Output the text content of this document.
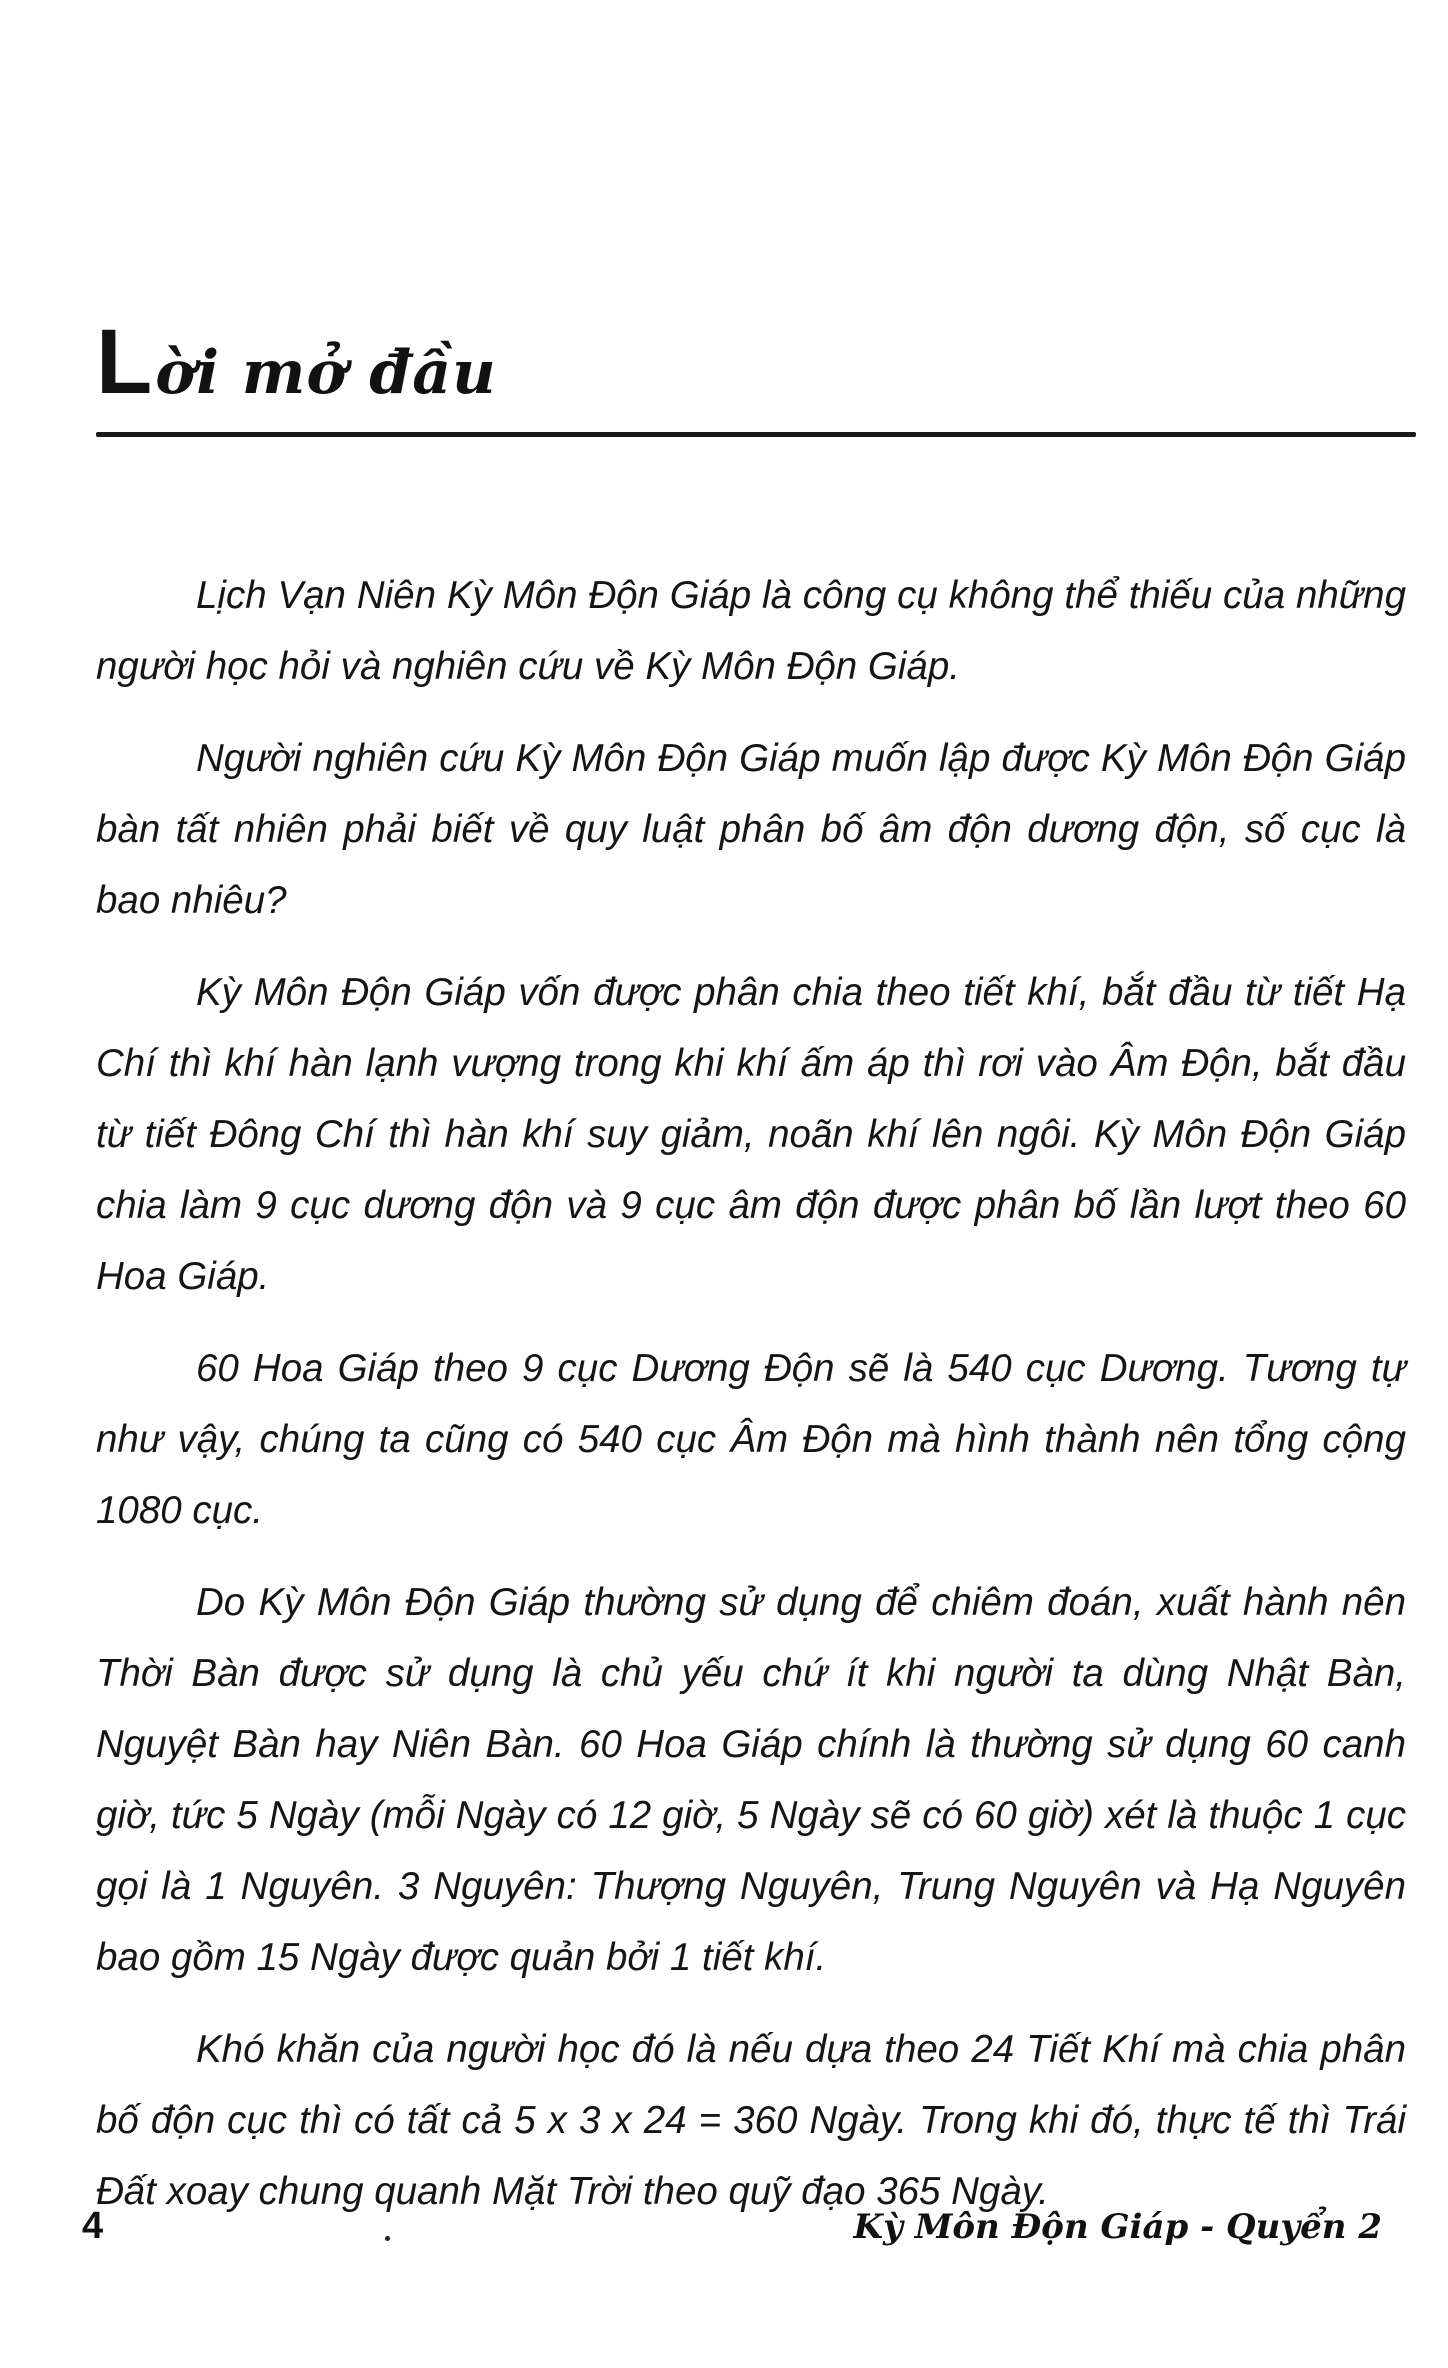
Lời mở đầu

Lịch Vạn Niên Kỳ Môn Độn Giáp là công cụ không thể thiếu của những người học hỏi và nghiên cứu về Kỳ Môn Độn Giáp.

Người nghiên cứu Kỳ Môn Độn Giáp muốn lập được Kỳ Môn Độn Giáp bàn tất nhiên phải biết về quy luật phân bố âm độn dương độn, số cục là bao nhiêu?

Kỳ Môn Độn Giáp vốn được phân chia theo tiết khí, bắt đầu từ tiết Hạ Chí thì khí hàn lạnh vượng trong khi khí ấm áp thì rơi vào Âm Độn, bắt đầu từ tiết Đông Chí thì hàn khí suy giảm, noãn khí lên ngôi. Kỳ Môn Độn Giáp chia làm 9 cục dương độn và 9 cục âm độn được phân bố lần lượt theo 60 Hoa Giáp.

60 Hoa Giáp theo 9 cục Dương Độn sẽ là 540 cục Dương. Tương tự như vậy, chúng ta cũng có 540 cục Âm Độn mà hình thành nên tổng cộng 1080 cục.

Do Kỳ Môn Độn Giáp thường sử dụng để chiêm đoán, xuất hành nên Thời Bàn được sử dụng là chủ yếu chứ ít khi người ta dùng Nhật Bàn, Nguyệt Bàn hay Niên Bàn. 60 Hoa Giáp chính là thường sử dụng 60 canh giờ, tức 5 Ngày (mỗi Ngày có 12 giờ, 5 Ngày sẽ có 60 giờ) xét là thuộc 1 cục gọi là 1 Nguyên. 3 Nguyên: Thượng Nguyên, Trung Nguyên và Hạ Nguyên bao gồm 15 Ngày được quản bởi 1 tiết khí.

Khó khăn của người học đó là nếu dựa theo 24 Tiết Khí mà chia phân bố độn cục thì có tất cả 5 x 3 x 24 = 360 Ngày. Trong khi đó, thực tế thì Trái Đất xoay chung quanh Mặt Trời theo quỹ đạo 365 Ngày.

4	Kỳ Môn Độn Giáp - Quyển 2
